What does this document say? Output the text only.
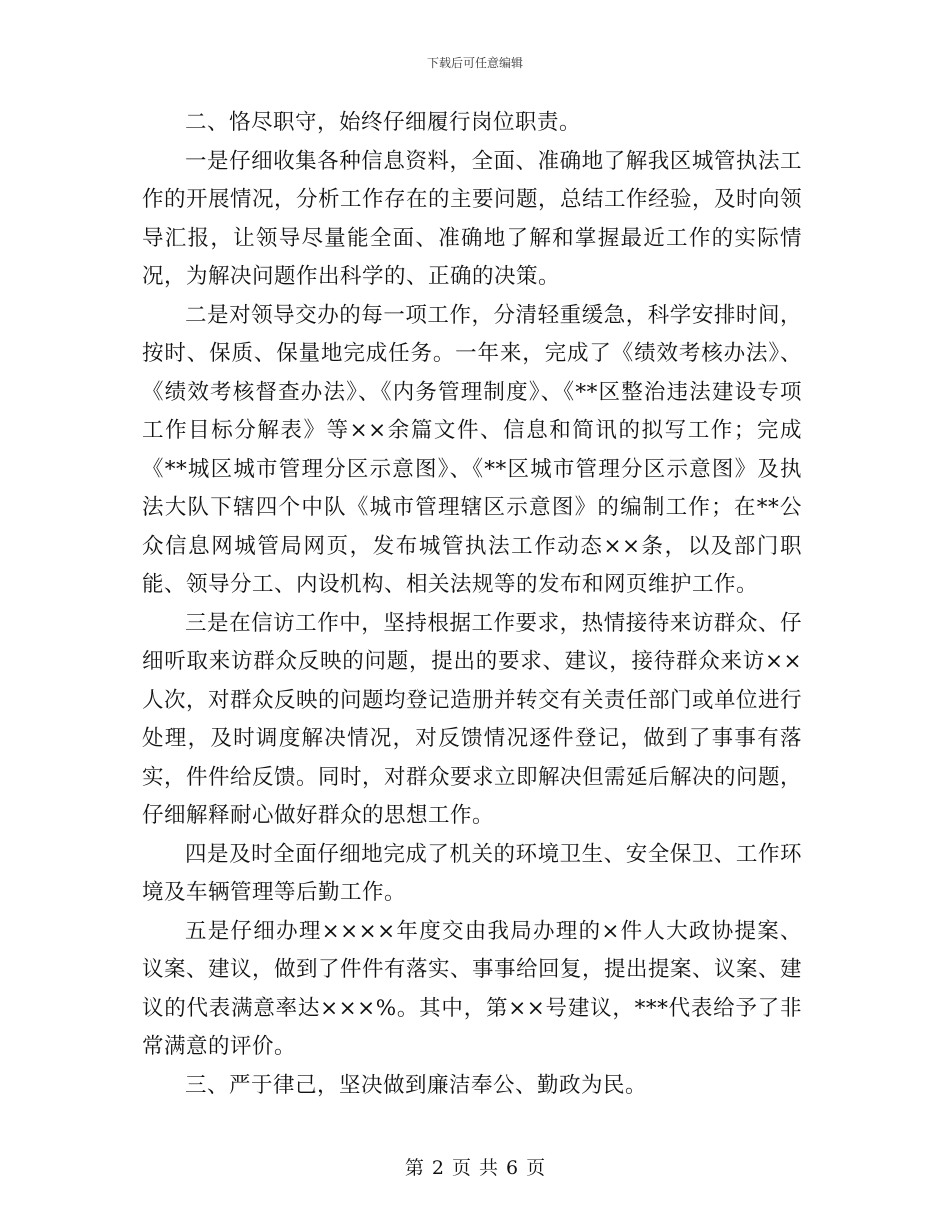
下载后可任意编辑

二、恪尽职守，始终仔细履行岗位职责。

一是仔细收集各种信息资料，全面、准确地了解我区城管执法工作的开展情况，分析工作存在的主要问题，总结工作经验，及时向领导汇报，让领导尽量能全面、准确地了解和掌握最近工作的实际情况，为解决问题作出科学的、正确的决策。

二是对领导交办的每一项工作，分清轻重缓急，科学安排时间，按时、保质、保量地完成任务。一年来，完成了《绩效考核办法》、《绩效考核督查办法》、《内务管理制度》、《**区整治违法建设专项工作目标分解表》等××余篇文件、信息和简讯的拟写工作；完成《**城区城市管理分区示意图》、《**区城市管理分区示意图》及执法大队下辖四个中队《城市管理辖区示意图》的编制工作；在**公众信息网城管局网页，发布城管执法工作动态××条，以及部门职能、领导分工、内设机构、相关法规等的发布和网页维护工作。

三是在信访工作中，坚持根据工作要求，热情接待来访群众、仔细听取来访群众反映的问题，提出的要求、建议，接待群众来访××人次，对群众反映的问题均登记造册并转交有关责任部门或单位进行处理，及时调度解决情况，对反馈情况逐件登记，做到了事事有落实，件件给反馈。同时，对群众要求立即解决但需延后解决的问题，仔细解释耐心做好群众的思想工作。

四是及时全面仔细地完成了机关的环境卫生、安全保卫、工作环境及车辆管理等后勤工作。

五是仔细办理××××年度交由我局办理的×件人大政协提案、议案、建议，做到了件件有落实、事事给回复，提出提案、议案、建议的代表满意率达×××%。其中，第××号建议，***代表给予了非常满意的评价。

三、严于律己，坚决做到廉洁奉公、勤政为民。

第 2 页 共 6 页
